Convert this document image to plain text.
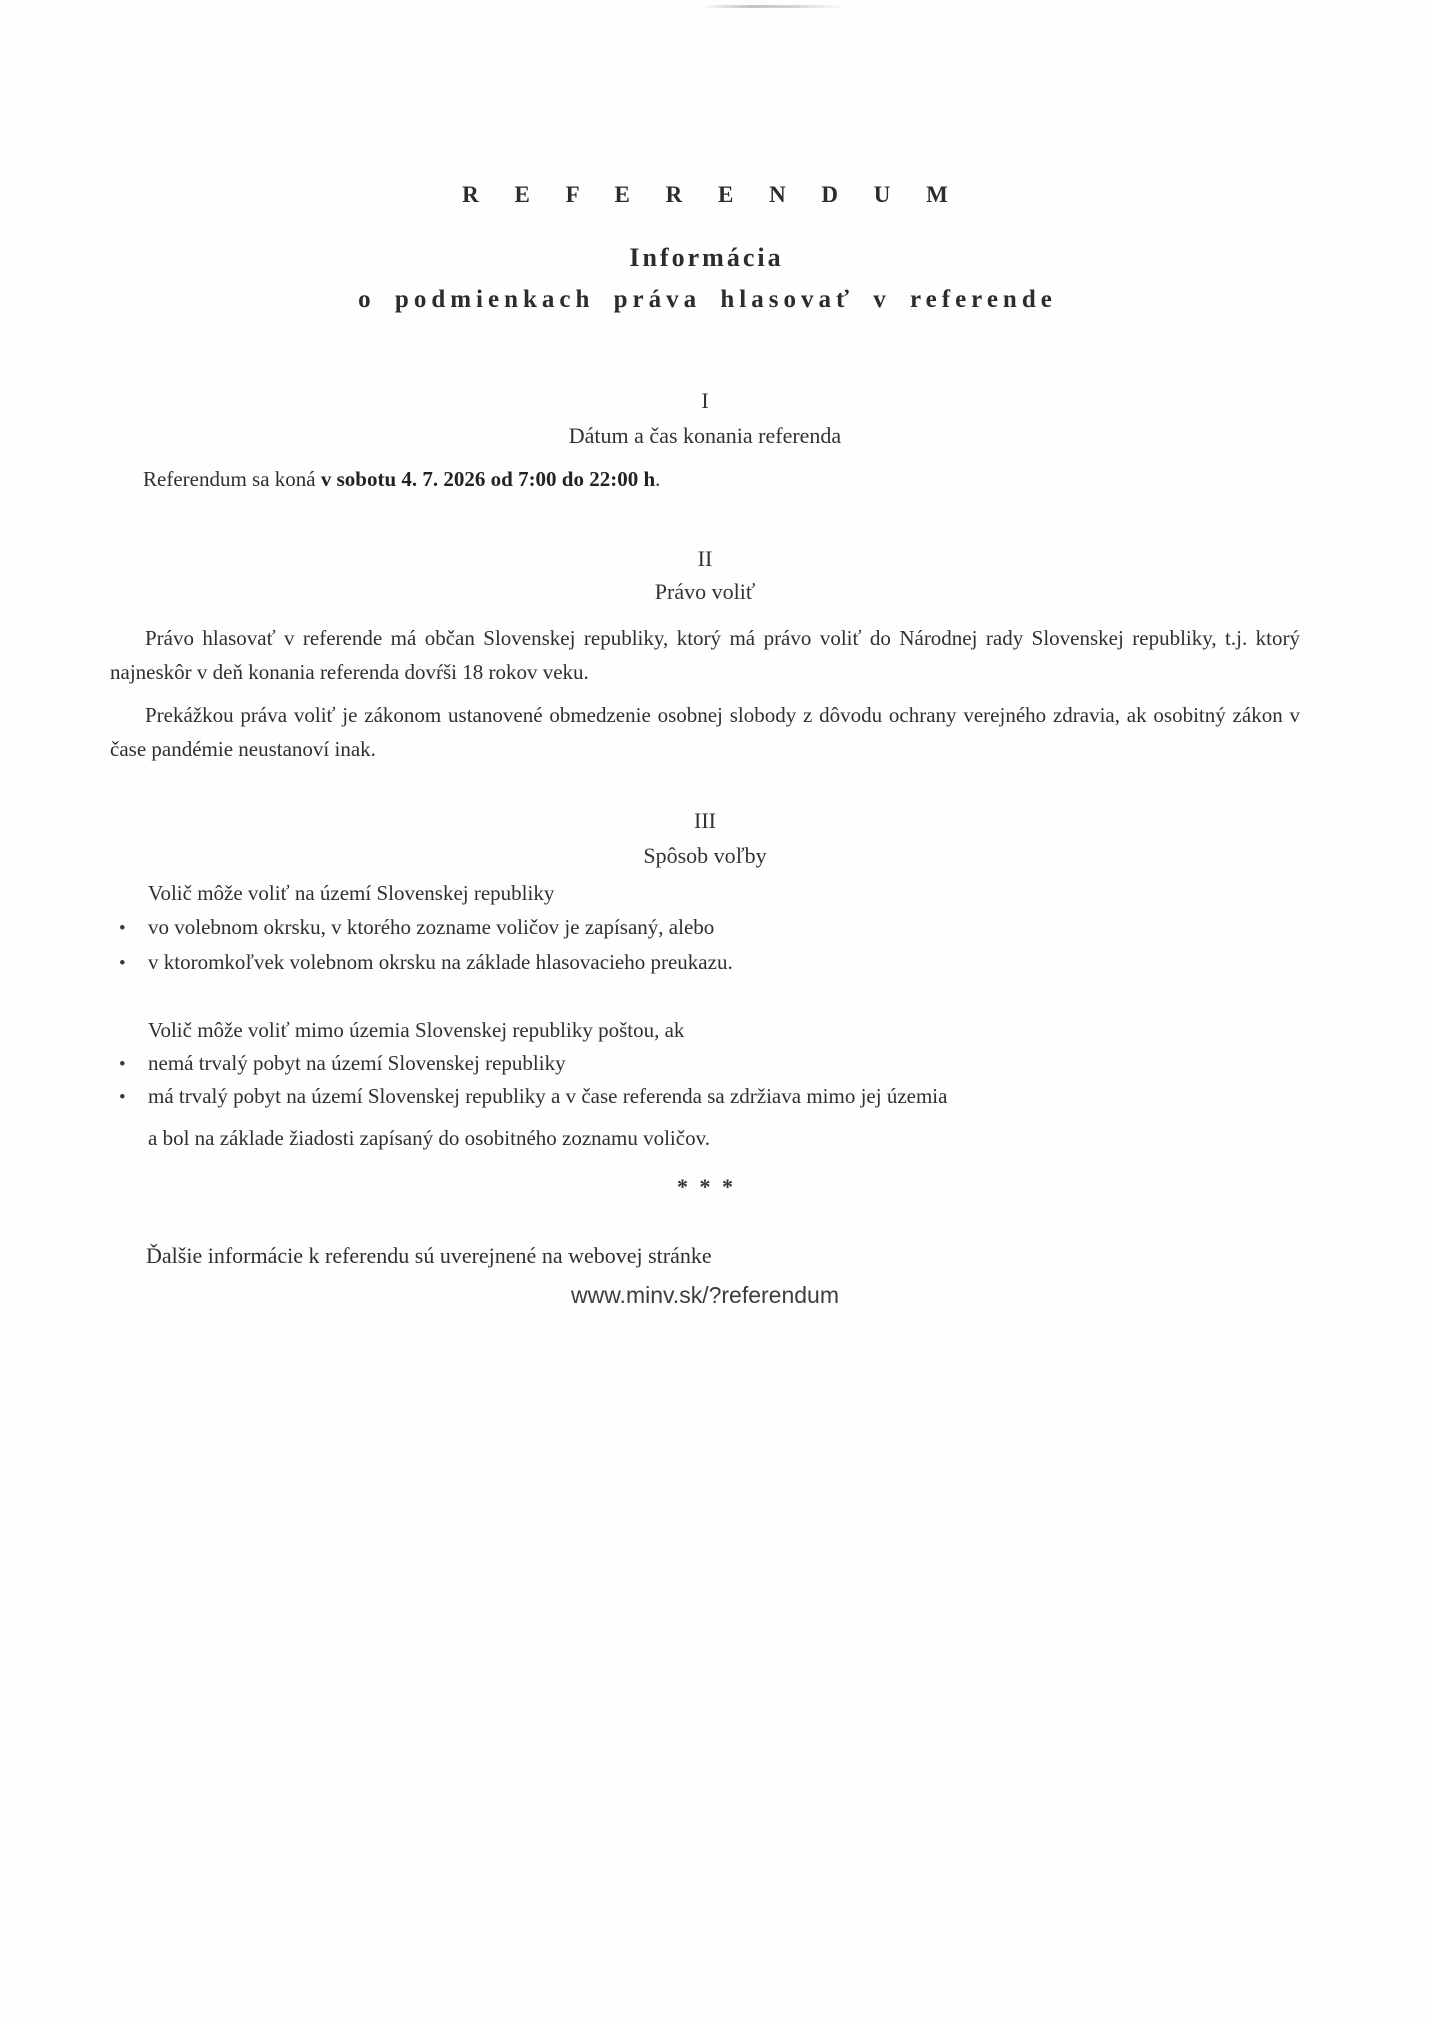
R E F E R E N D U M
Informácia
o podmienkach práva hlasovať v referende
I
Dátum a čas konania referenda
Referendum sa koná v sobotu 4. 7. 2026 od 7:00 do 22:00 h.
II
Právo voliť
Právo hlasovať v referende má občan Slovenskej republiky, ktorý má právo voliť do Národnej rady Slovenskej republiky, t.j. ktorý najneskôr v deň konania referenda dovŕši 18 rokov veku.
Prekážkou práva voliť je zákonom ustanovené obmedzenie osobnej slobody z dôvodu ochrany verejného zdravia, ak osobitný zákon v čase pandémie neustanoví inak.
III
Spôsob voľby
Volič môže voliť na území Slovenskej republiky
•	vo volebnom okrsku, v ktorého zozname voličov je zapísaný, alebo
•	v ktoromkoľvek volebnom okrsku na základe hlasovacieho preukazu.
Volič môže voliť mimo územia Slovenskej republiky poštou, ak
•	nemá trvalý pobyt na území Slovenskej republiky
•	má trvalý pobyt na území Slovenskej republiky a v čase referenda sa zdržiava mimo jej územia
a bol na základe žiadosti zapísaný do osobitného zoznamu voličov.
* * *
Ďalšie informácie k referendu sú uverejnené na webovej stránke
www.minv.sk/?referendum
